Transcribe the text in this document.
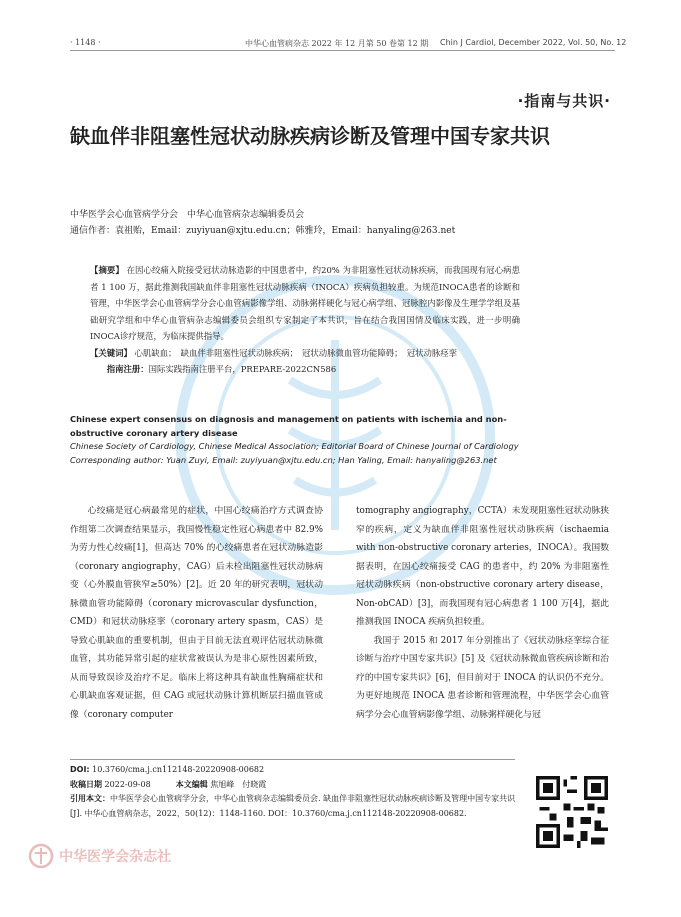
· 1148 ·	中华心血管病杂志 2022 年 12 月第 50 卷第 12 期 Chin J Cardiol, December 2022, Vol. 50, No. 12
·指南与共识·
缺血伴非阻塞性冠状动脉疾病诊断及管理中国专家共识
中华医学会心血管病学分会　中华心血管病杂志编辑委员会
通信作者：袁祖贻，Email：zuyiyuan@xjtu.edu.cn；韩雅玲，Email：hanyaling@263.net
【摘要】 在因心绞痛入院接受冠状动脉造影的中国患者中，约20% 为非阻塞性冠状动脉疾病，而我国现有冠心病患者 1 100 万，据此推测我国缺血伴非阻塞性冠状动脉疾病（INOCA）疾病负担较重。为规范INOCA患者的诊断和管理，中华医学会心血管病学分会心血管病影像学组、动脉粥样硬化与冠心病学组、冠脉腔内影像及生理学学组及基础研究学组和中华心血管病杂志编辑委员会组织专家制定了本共识，旨在结合我国国情及临床实践，进一步明确INOCA诊疗规范，为临床提供指导。
【关键词】 心肌缺血；　缺血伴非阻塞性冠状动脉疾病；　冠状动脉微血管功能障碍；　冠状动脉痉挛
指南注册：国际实践指南注册平台，PREPARE-2022CN586
Chinese expert consensus on diagnosis and management on patients with ischemia and non-obstructive coronary artery disease
Chinese Society of Cardiology, Chinese Medical Association; Editorial Board of Chinese Journal of Cardiology
Corresponding author: Yuan Zuyi, Email: zuyiyuan@xjtu.edu.cn; Han Yaling, Email: hanyaling@263.net

心绞痛是冠心病最常见的症状，中国心绞痛治疗方式调查协作组第二次调查结果显示，我国慢性稳定性冠心病患者中 82.9% 为劳力性心绞痛[1]，但高达 70% 的心绞痛患者在冠状动脉造影（coronary angiography，CAG）后未检出阻塞性冠状动脉病变（心外膜血管狭窄≥50%）[2]。近 20 年的研究表明，冠状动脉微血管功能障碍（coronary microvascular dysfunction，CMD）和冠状动脉痉挛（coronary artery spasm，CAS）是导致心肌缺血的重要机制，但由于目前无法直观评估冠状动脉微血管，其功能异常引起的症状常被误认为是非心原性因素所致，从而导致误诊及治疗不足。临床上将这种具有缺血性胸痛症状和心肌缺血客观证据，但 CAG 或冠状动脉计算机断层扫描血管成像（coronary computer

tomography angiography，CCTA）未发现阻塞性冠状动脉狭窄的疾病，定义为缺血伴非阻塞性冠状动脉疾病（ischaemia with non-obstructive coronary arteries，INOCA）。我国数据表明，在因心绞痛接受 CAG 的患者中，约 20% 为非阻塞性冠状动脉疾病（non-obstructive coronary artery disease，Non-obCAD）[3]，而我国现有冠心病患者 1 100 万[4]，据此推测我国 INOCA 疾病负担较重。

我国于 2015 和 2017 年分别推出了《冠状动脉痉挛综合征诊断与治疗中国专家共识》[5] 及《冠状动脉微血管疾病诊断和治疗的中国专家共识》[6]，但目前对于 INOCA 的认识仍不充分。为更好地规范 INOCA 患者诊断和管理流程，中华医学会心血管病学分会心血管病影像学组、动脉粥样硬化与冠

DOI: 10.3760/cma.j.cn112148-20220908-00682
收稿日期 2022-09-08	本文编辑 焦旭峰　付晓霞
引用本文：中华医学会心血管病学分会，中华心血管病杂志编辑委员会. 缺血伴非阻塞性冠状动脉疾病诊断及管理中国专家共识[J]. 中华心血管病杂志，2022，50(12)：1148-1160. DOI：10.3760/cma.j.cn112148-20220908-00682.
中华医学会杂志社
